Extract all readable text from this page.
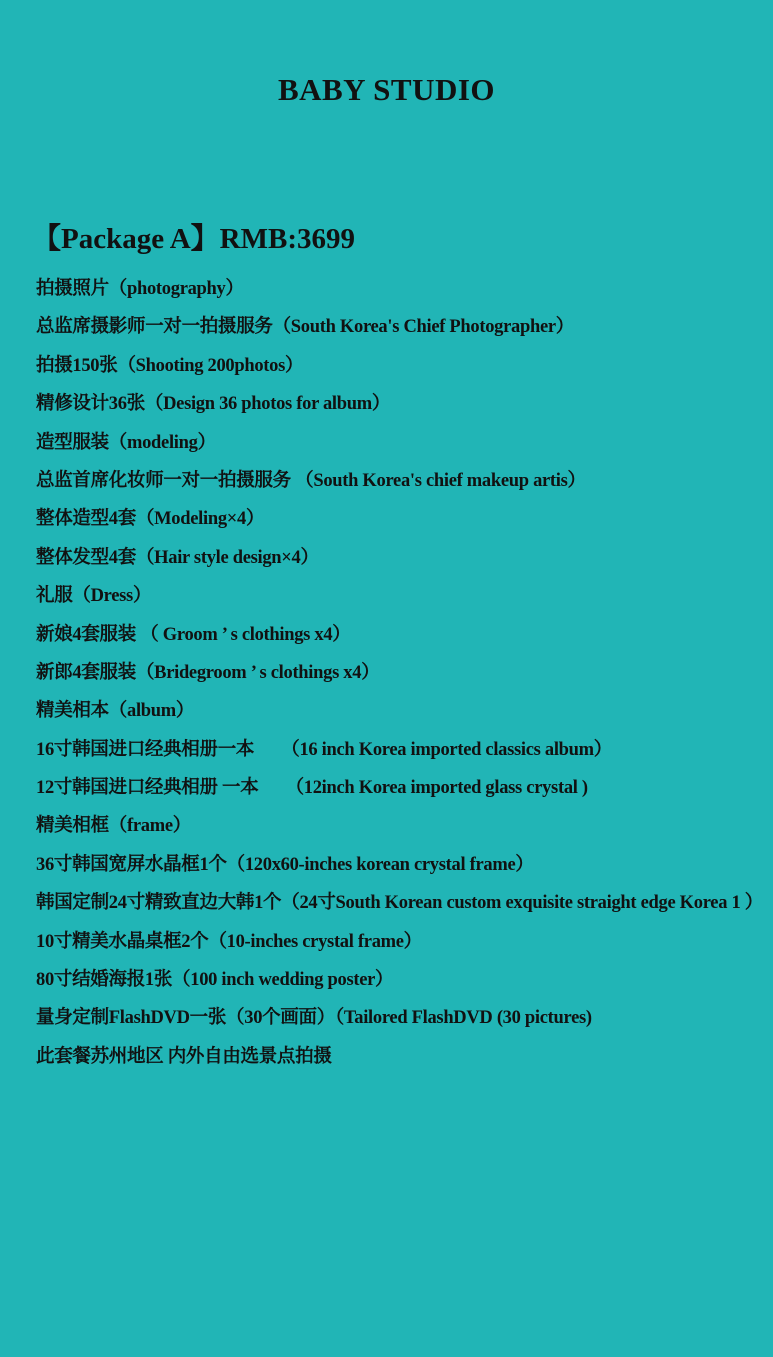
BABY STUDIO
【Package A】RMB:3699
拍摄照片（photography）
总监席摄影师一对一拍摄服务（South Korea's Chief Photographer）
拍摄150张（Shooting 200photos）
精修设计36张（Design 36 photos for album）
造型服装（modeling）
总监首席化妆师一对一拍摄服务 （South Korea's chief makeup artis）
整体造型4套（Modeling×4）
整体发型4套（Hair style design×4）
礼服（Dress）
新娘4套服装 （ Groom ’ s clothings x4）
新郎4套服装（Bridegroom ’ s clothings x4）
精美相本（album）
16寸韩国进口经典相册一本　　（16 inch Korea imported classics album）
12寸韩国进口经典相册 一本　　（12inch Korea imported glass crystal )
精美相框（frame）
36寸韩国宽屏水晶框1个（120x60-inches korean crystal frame）
韩国定制24寸精致直边大韩1个（24寸South Korean custom exquisite straight edge Korea 1 ）
10寸精美水晶桌框2个（10-inches crystal frame）
80寸结婚海报1张（100 inch wedding poster）
量身定制FlashDVD一张（30个画面）（Tailored FlashDVD (30 pictures)
此套餐苏州地区 内外自由选景点拍摄
